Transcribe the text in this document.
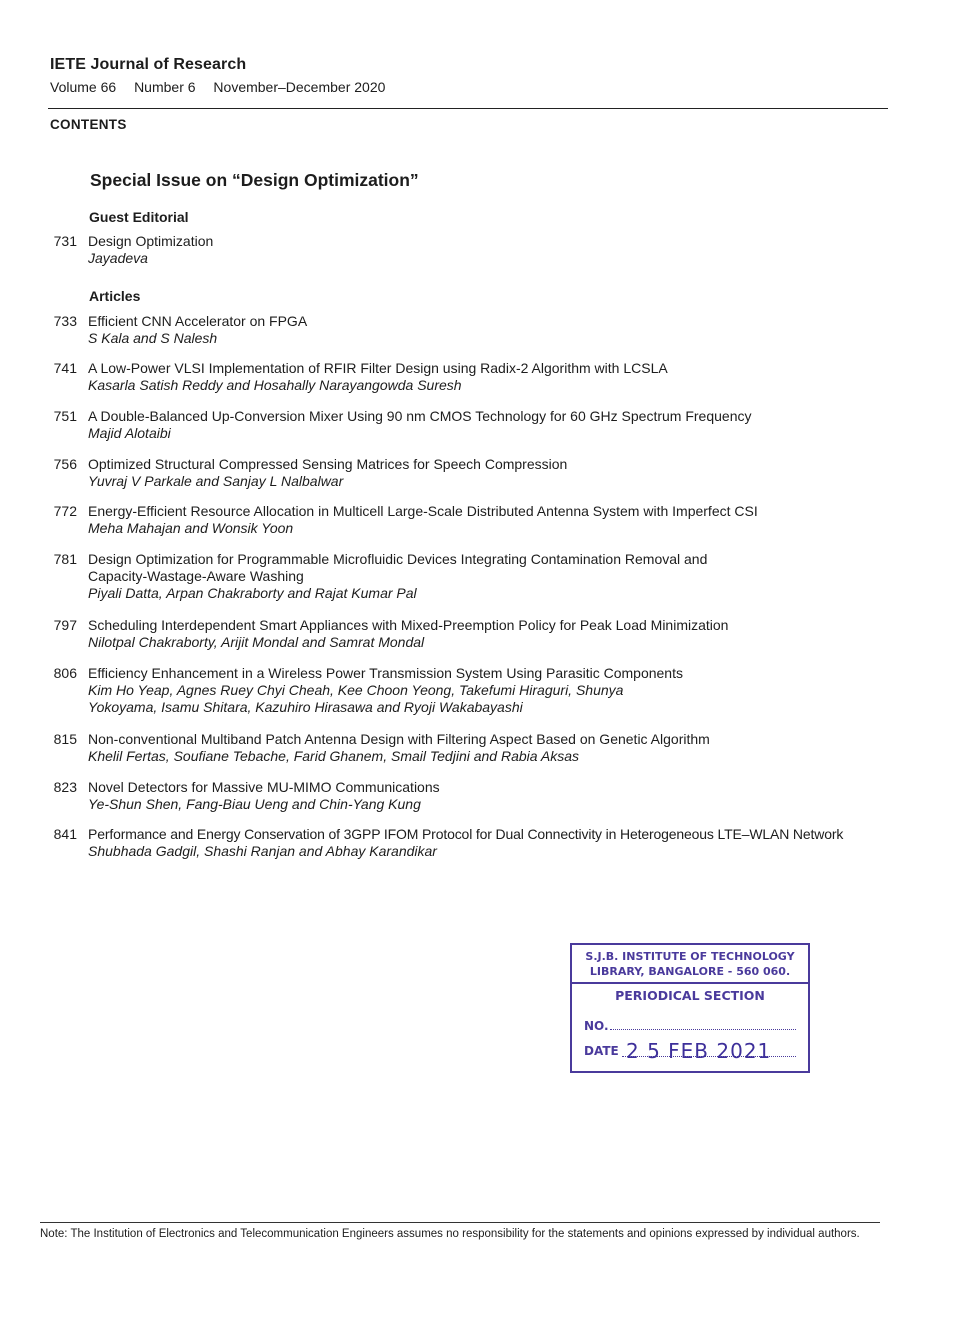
IETE Journal of Research
Volume 66 Number 6 November–December 2020
CONTENTS
Special Issue on “Design Optimization”
Guest Editorial
731 Design Optimization
Jayadeva
Articles
733 Efficient CNN Accelerator on FPGA
S Kala and S Nalesh
741 A Low-Power VLSI Implementation of RFIR Filter Design using Radix-2 Algorithm with LCSLA
Kasarla Satish Reddy and Hosahally Narayangowda Suresh
751 A Double-Balanced Up-Conversion Mixer Using 90 nm CMOS Technology for 60 GHz Spectrum Frequency
Majid Alotaibi
756 Optimized Structural Compressed Sensing Matrices for Speech Compression
Yuvraj V Parkale and Sanjay L Nalbalwar
772 Energy-Efficient Resource Allocation in Multicell Large-Scale Distributed Antenna System with Imperfect CSI
Meha Mahajan and Wonsik Yoon
781 Design Optimization for Programmable Microfluidic Devices Integrating Contamination Removal and Capacity-Wastage-Aware Washing
Piyali Datta, Arpan Chakraborty and Rajat Kumar Pal
797 Scheduling Interdependent Smart Appliances with Mixed-Preemption Policy for Peak Load Minimization
Nilotpal Chakraborty, Arijit Mondal and Samrat Mondal
806 Efficiency Enhancement in a Wireless Power Transmission System Using Parasitic Components
Kim Ho Yeap, Agnes Ruey Chyi Cheah, Kee Choon Yeong, Takefumi Hiraguri, Shunya Yokoyama, Isamu Shitara, Kazuhiro Hirasawa and Ryoji Wakabayashi
815 Non-conventional Multiband Patch Antenna Design with Filtering Aspect Based on Genetic Algorithm
Khelil Fertas, Soufiane Tebache, Farid Ghanem, Smail Tedjini and Rabia Aksas
823 Novel Detectors for Massive MU-MIMO Communications
Ye-Shun Shen, Fang-Biau Ueng and Chin-Yang Kung
841 Performance and Energy Conservation of 3GPP IFOM Protocol for Dual Connectivity in Heterogeneous LTE–WLAN Network
Shubhada Gadgil, Shashi Ranjan and Abhay Karandikar
S.J.B. INSTITUTE OF TECHNOLOGY
LIBRARY, BANGALORE - 560 060.
PERIODICAL SECTION
NO.
DATE 2 5 FEB 2021
Note: The Institution of Electronics and Telecommunication Engineers assumes no responsibility for the statements and opinions expressed by individual authors.
